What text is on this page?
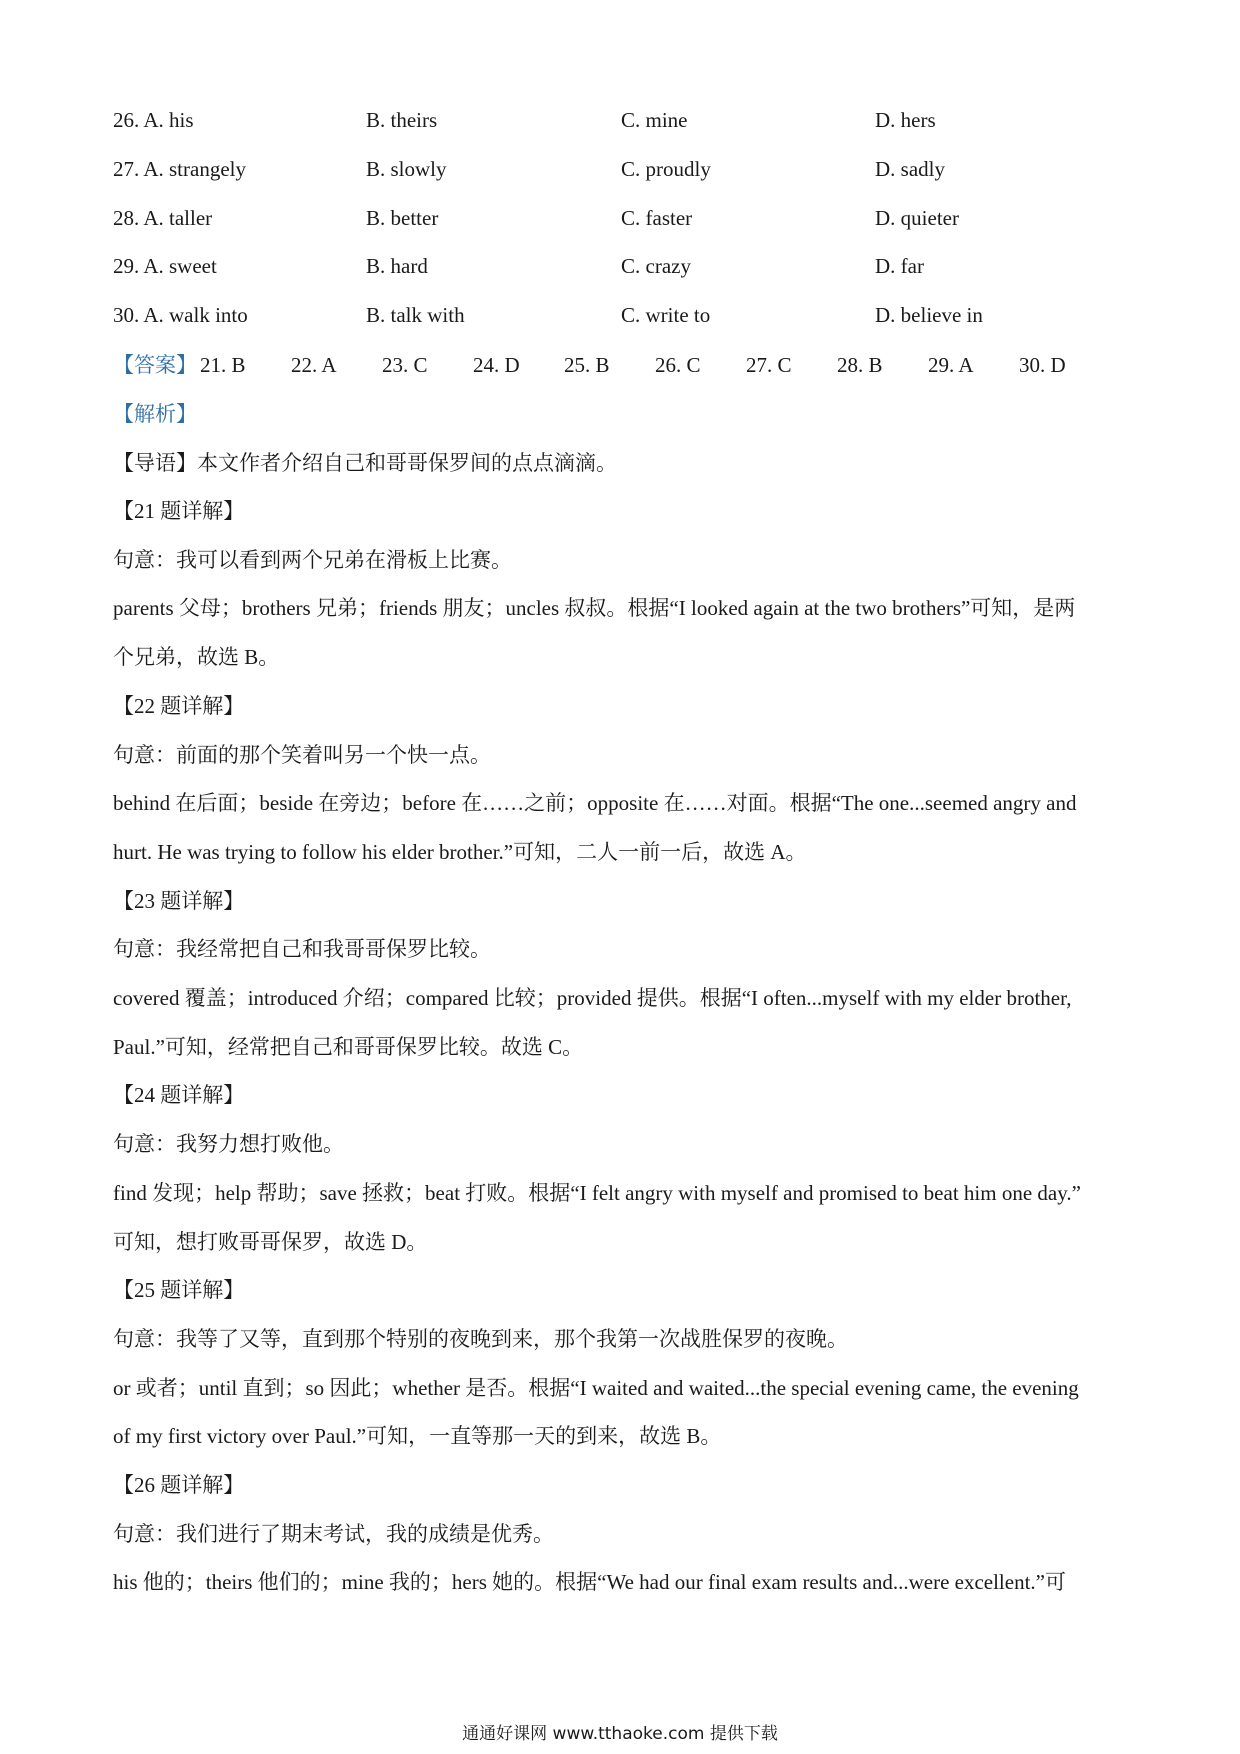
26. A. his	B. theirs	C. mine	D. hers
27. A. strangely	B. slowly	C. proudly	D. sadly
28. A. taller	B. better	C. faster	D. quieter
29. A. sweet	B. hard	C. crazy	D. far
30. A. walk into	B. talk with	C. write to	D. believe in
【答案】 21. B 22. A 23. C 24. D 25. B 26. C 27. C 28. B 29. A 30. D
【解析】
【导语】本文作者介绍自己和哥哥保罗间的点点滴滴。
【21 题详解】
句意：我可以看到两个兄弟在滑板上比赛。
parents 父母；brothers 兄弟；friends 朋友；uncles 叔叔。根据“I looked again at the two brothers”可知，是两
个兄弟，故选 B。
【22 题详解】
句意：前面的那个笑着叫另一个快一点。
behind 在后面；beside 在旁边；before 在……之前；opposite 在……对面。根据“The one...seemed angry and
hurt. He was trying to follow his elder brother.”可知，二人一前一后，故选 A。
【23 题详解】
句意：我经常把自己和我哥哥保罗比较。
covered 覆盖；introduced 介绍；compared 比较；provided 提供。根据“I often...myself with my elder brother,
Paul.”可知，经常把自己和哥哥保罗比较。故选 C。
【24 题详解】
句意：我努力想打败他。
find 发现；help 帮助；save 拯救；beat 打败。根据“I felt angry with myself and promised to beat him one day.”
可知，想打败哥哥保罗，故选 D。
【25 题详解】
句意：我等了又等，直到那个特别的夜晚到来，那个我第一次战胜保罗的夜晚。
or 或者；until 直到；so 因此；whether 是否。根据“I waited and waited...the special evening came, the evening
of my first victory over Paul.”可知，一直等那一天的到来，故选 B。
【26 题详解】
句意：我们进行了期末考试，我的成绩是优秀。
his 他的；theirs 他们的；mine 我的；hers 她的。根据“We had our final exam results and...were excellent.”可
通通好课网 www.tthaoke.com 提供下载
